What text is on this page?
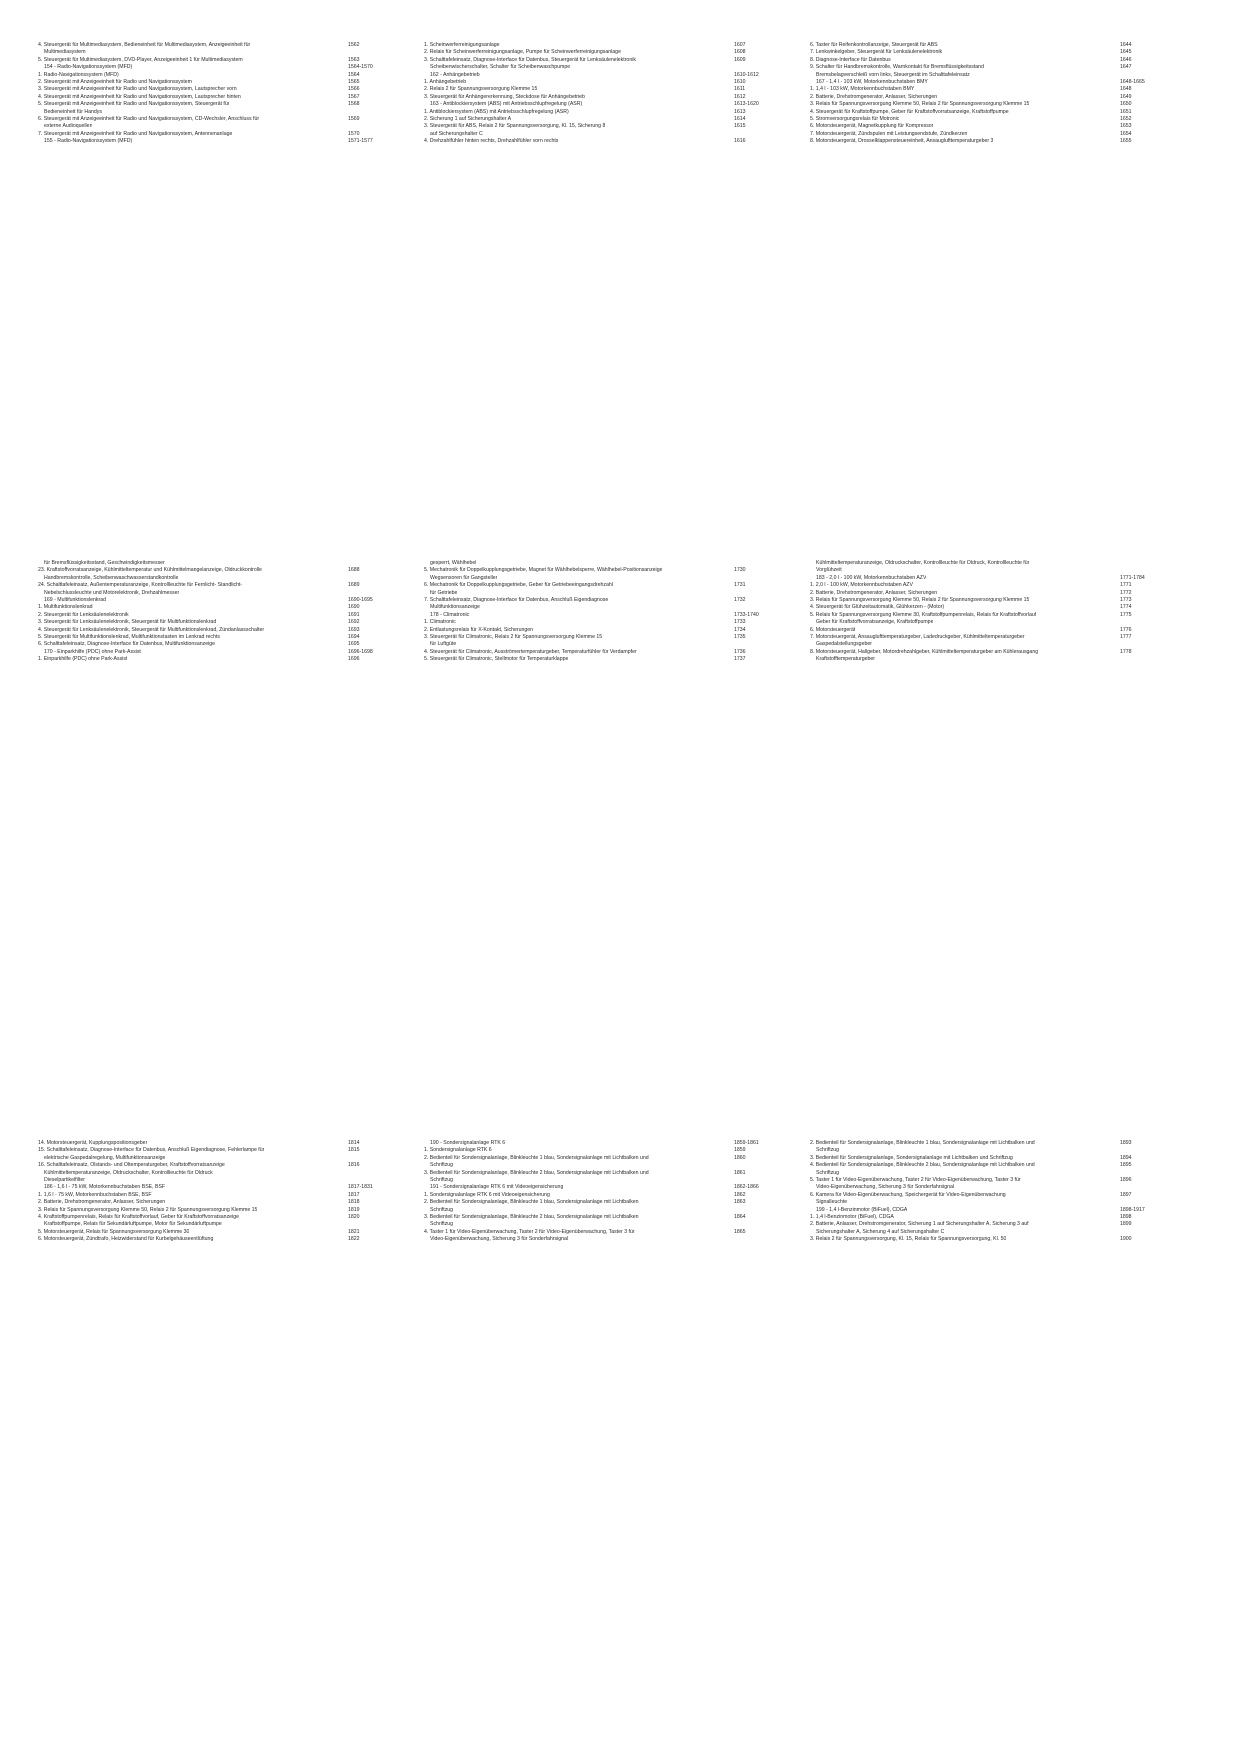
4. Steuergerät für Multimediasystem, Bedieneinheit für Multimediasystem, Anzeigeeinheit für	1562
Multimediasystem
5. Steuergerät für Multimediasystem, DVD-Player, Anzeigeeinheit 1 für Multimediasystem	1563
154 - Radio-Navigationssystem (MFD)	1564-1570
1. Radio-Navigationssystem (MFD)	1564
2. Steuergerät mit Anzeigeeinheit für Radio und Navigationssystem	1565
3. Steuergerät mit Anzeigeeinheit für Radio und Navigationssystem, Lautsprecher vorn	1566
4. Steuergerät mit Anzeigeeinheit für Radio und Navigationssystem, Lautsprecher hinten	1567
5. Steuergerät mit Anzeigeeinheit für Radio und Navigationssystem, Steuergerät für	1568
Bedieneinheit für Handys
6. Steuergerät mit Anzeigeeinheit für Radio und Navigationssystem, CD-Wechsler, Anschluss für	1569
externe Audioquellen
7. Steuergerät mit Anzeigeeinheit für Radio und Navigationssystem, Antennenanlage	1570
155 - Radio-Navigationssystem (MFD)	1571-1577
1. Scheinwerferreinigungsanlage	1607
2. Relais für Scheinwerferreinigungsanlage, Pumpe für Scheinwerferreinigungsanlage	1608
3. Schalttafeleinsatz, Diagnose-Interface für Datenbus, Steuergerät für Lenksäulenelektronik	1609
Scheibenwischerschalter, Schalter für Scheibenwaschpumpe
162 - Anhängebetrieb	1610-1612
1. Anhängebetrieb	1610
2. Relais 2 für Spannungsversorgung Klemme 15	1611
3. Steuergerät für Anhängererkennung, Steckdose für Anhängebetrieb	1612
163 - Antiblockiersystem (ABS) mit Antriebsschlupfregelung (ASR)	1613-1620
1. Antiblockiersystem (ABS) mit Antriebsschlupfregelung (ASR)	1613
2. Sicherung 1 auf Sicherungshalter A	1614
3. Steuergerät für ABS, Relais 2 für Spannungsversorgung, Kl. 15, Sicherung 8	1615
auf Sicherungshalter C
4. Drehzahlfühler hinten rechts, Drehzahlfühler vorn rechts	1616
6. Taster für Reifenkontrollanzeige, Steuergerät für ABS	1644
7. Lenkwinkelgeber, Steuergerät für Lenksäulenelektronik	1645
8. Diagnose-Interface für Datenbus	1646
9. Schalter für Handbremskontrolle, Warnkontakt für Bremsflüssigkeitsstand	1647
Bremsbelagverschleiß vorn links, Steuergerät im Schalttafeleinsatz
167 - 1,4 l - 103 kW, Motorkennbuchstaben BMY	1648-1665
1. 1,4 l - 103 kW, Motorkennbuchstaben BMY	1648
2. Batterie, Drehstromgenerator, Anlasser, Sicherungen	1649
3. Relais für Spannungsversorgung Klemme 50, Relais 2 für Spannungsversorgung Klemme 15	1650
4. Steuergerät für Kraftstoffpumpe, Geber für Kraftstoffvorratsanzeige, Kraftstoffpumpe	1651
5. Stromversorgungsrelais für Motronic	1652
6. Motorsteuergerät, Magnetkupplung für Kompressor	1653
7. Motorsteuergerät, Zündspulen mit Leistungsendstufe, Zündkerzen	1654
8. Motorsteuergerät, Drosselklappensteuereinheit, Ansauglufttemperaturgeber 3	1655
für Bremsflüssigkeitsstand, Geschwindigkeitsmesser
23. Kraftstoffvorratsanzeige, Kühlmitteltemperatur und Kühlmittelmangelanzeige, Öldruckkontrolle	1688
Handbremskontrolle, Scheibenwaschwasserstandkontrolle
24. Schalttafeleinsatz, Außentemperaturanzeige, Kontrollleuchte für Fernlicht- Standlicht-	1689
Nebelschlussleuchte und Motorelektronik, Drehzahlmesser
169 - Multifunktionslenkrad	1690-1695
1. Multifunktionslenkrad	1690
2. Steuergerät für Lenksäulenelektronik	1691
3. Steuergerät für Lenksäulenelektronik, Steuergerät für Multifunktionslenkrad	1692
4. Steuergerät für Lenksäulenelektronik, Steuergerät für Multifunktionslenkrad, Zündanlassschalter	1693
5. Steuergerät für Multifunktionslenkrad, Multifunktionstasten im Lenkrad rechts	1694
6. Schalttafeleinsatz, Diagnose-Interface für Datenbus, Multifunktionsanzeige	1695
170 - Einparkhilfe (PDC) ohne Park-Assist	1696-1698
1. Einparkhilfe (PDC) ohne Park-Assist	1696
gesperrt, Wählhebel
5. Mechatronik für Doppelkupplungsgetriebe, Magnet für Wählhebelsperre, Wählhebel-Positionsanzeige	1730
Wegsensoren für Gangsteller
6. Mechatronik für Doppelkupplungsgetriebe, Geber für Getriebeeingangsdrehzahl	1731
für Getriebe
7. Schalttafeleinsatz, Diagnose-Interface für Datenbus, Anschluß Eigendiagnose	1732
Multifunktionsanzeige
178 - Climatronic	1733-1740
1. Climatronic	1733
2. Entlastungsrelais für X-Kontakt, Sicherungen	1734
3. Steuergerät für Climatronic, Relais 2 für Spannungsversorgung Klemme 15	1735
für Luftgüte
4. Steuergerät für Climatronic, Ausströmertemperaturgeber, Temperaturfühler für Verdampfer	1736
5. Steuergerät für Climatronic, Stellmotor für Temperaturklappe	1737
Kühlmitteltemperaturanzeige, Öldruckschalter, Kontrollleuchte für Öldruck, Kontrollleuchte für
Vorglühzeit
183 - 2,0 l - 100 kW, Motorkennbuchstaben AZV	1771-1784
1. 2,0 l - 100 kW, Motorkennbuchstaben AZV	1771
2. Batterie, Drehstromgenerator, Anlasser, Sicherungen	1772
3. Relais für Spannungsversorgung Klemme 50, Relais 2 für Spannungsversorgung Klemme 15	1773
4. Steuergerät für Glühzeitautomatik, Glühkerzen - (Motor)	1774
5. Relais für Spannungsversorgung Klemme 30, Kraftstoffpumpenrelais, Relais für Kraftstoffvorlauf	1775
Geber für Kraftstoffvorratsanzeige, Kraftstoffpumpe
6. Motorsteuergerät	1776
7. Motorsteuergerät, Ansauglufttemperaturgeber, Ladedruckgeber, Kühlmitteltemperaturgeber	1777
Gaspedalstellungsgeber
8. Motorsteuergerät, Hallgeber, Motordrehzahlgeber, Kühlmitteltemperaturgeber am Kühlerausgang	1778
Kraftstofftemperaturgeber
14. Motorsteuergerät, Kupplungspositionsgeber	1814
15. Schalttafeleinsatz, Diagnose-Interface für Datenbus, Anschluß Eigendiagnose, Fehlerlampe für	1815
elektrische Gaspedalregelung, Multifunktionsanzeige
16. Schalttafeleinsatz, Ölstands- und Öltemperaturgeber, Kraftstoffvorratsanzeige	1816
Kühlmitteltemperaturanzeige, Öldruckschalter, Kontrollleuchte für Öldruck
Dieselpartikelfilter
186 - 1,6 l - 75 kW, Motorkennbuchstaben BSE, BSF	1817-1831
1. 1,6 l - 75 kW, Motorkennbuchstaben BSE, BSF	1817
2. Batterie, Drehstromgenerator, Anlasser, Sicherungen	1818
3. Relais für Spannungsversorgung Klemme 50, Relais 2 für Spannungsversorgung Klemme 15	1819
4. Kraftstoffpumpenrelais, Relais für Kraftstoffvorlauf, Geber für Kraftstoffvorratsanzeige	1820
Kraftstoffpumpe, Relais für Sekundärluftpumpe, Motor für Sekundärluftpumpe
5. Motorsteuergerät, Relais für Spannungsversorgung Klemme 30	1821
6. Motorsteuergerät, Zündtrafo, Heizwiderstand für Kurbelgehäuseentlüftung	1822
190 - Sondersignalanlage RTK 6	1859-1861
1. Sondersignalanlage RTK 6	1859
2. Bedienteil für Sondersignalanlage, Blinkleuchte 1 blau, Sondersignalanlage mit Lichtbalken und	1860
Schriftzug
3. Bedienteil für Sondersignalanlage, Blinkleuchte 2 blau, Sondersignalanlage mit Lichtbalken und	1861
Schriftzug
191 - Sondersignalanlage RTK 6 mit Videoeigensicherung	1862-1866
1. Sondersignalanlage RTK 6 mit Videoeigensicherung	1862
2. Bedienteil für Sondersignalanlage, Blinkleuchte 1 blau, Sondersignalanlage mit Lichtbalken	1863
Schriftzug
3. Bedienteil für Sondersignalanlage, Blinkleuchte 2 blau, Sondersignalanlage mit Lichtbalken	1864
Schriftzug
4. Taster 1 für Video-Eigenüberwachung, Taster 2 für Video-Eigenüberwachung, Taster 3 für	1865
Video-Eigenüberwachung, Sicherung 3 für Sonderfahrsignal
2. Bedienteil für Sondersignalanlage, Blinkleuchte 1 blau, Sondersignalanlage mit Lichtbalken und	1893
Schriftzug
3. Bedienteil für Sondersignalanlage, Sondersignalanlage mit Lichtbalken und Schriftzug	1894
4. Bedienteil für Sondersignalanlage, Blinkleuchte 2 blau, Sondersignalanlage mit Lichtbalken und	1895
Schriftzug
5. Taster 1 für Video-Eigenüberwachung, Taster 2 für Video-Eigenüberwachung, Taster 3 für	1896
Video-Eigenüberwachung, Sicherung 3 für Sonderfahrsignal
6. Kamera für Video-Eigenüberwachung, Speichergerät für Video-Eigenüberwachung	1897
Signalleuchte
199 - 1,4 l-Benzinmotor (BiFuel), CDGA	1898-1917
1. 1,4 l-Benzinmotor (BiFuel), CDGA	1898
2. Batterie, Anlasser, Drehstromgenerator, Sicherung 1 auf Sicherungshalter A, Sicherung 3 auf	1899
Sicherungshalter A, Sicherung 4 auf Sicherungshalter C
3. Relais 2 für Spannungsversorgung, Kl. 15, Relais für Spannungsversorgung, Kl. 50	1900
